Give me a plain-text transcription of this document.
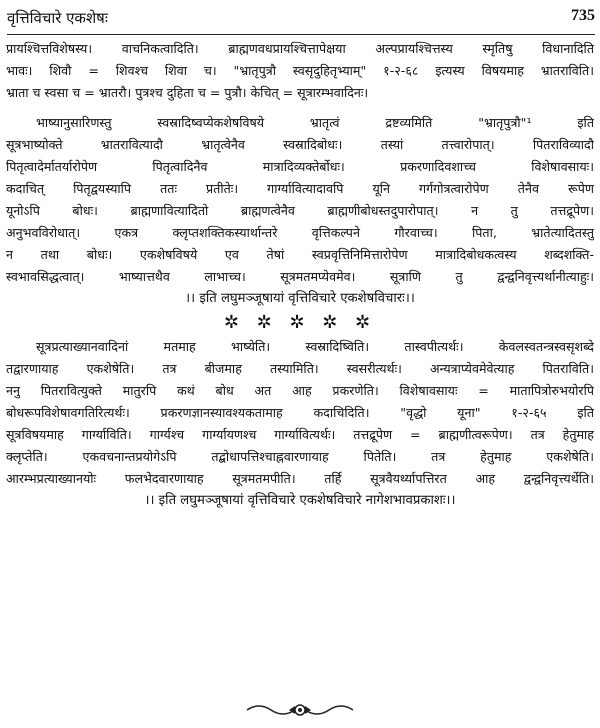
वृत्तिविचारे एकशेषः	735
प्रायश्चित्तविशेषस्य। वाचनिकत्वादिति। ब्राह्मणवधप्रायश्चित्तापेक्षया अल्पप्रायश्चित्तस्य स्मृतिषु विधानादिति
भावः। शिवौ = शिवश्च शिवा च। "भ्रातृपुत्रौ स्वसृदुहितृभ्याम्" १-२-६८ इत्यस्य विषयमाह भ्रातराविति।
भ्राता च स्वसा च = भ्रातरौ। पुत्रश्च दुहिता च = पुत्रौ। केचित् = सूत्रारम्भवादिनः।
भाष्यानुसारिणस्तु स्वस्रादिष्वप्येकशेषविषये भ्रातृत्वं द्रष्टव्यमिति "भ्रातृपुत्रौ"¹ इति
सूत्रभाष्योक्ते भ्रातरावित्यादौ भ्रातृत्वेनैव स्वस्रादिबोधः। तस्यां तत्त्वारोपात्। पितराविव्यादौ
पितृत्वादेर्मातर्यारोपेण पितृत्वादिनैव मात्रादिव्यक्तेर्बोधः। प्रकरणादिवशाच्च विशेषावसायः।
कदाचित् पितृद्वयस्यापि ततः प्रतीतेः। गार्ग्यावित्यादावपि यूनि गर्गगोत्रत्वारोपेण तेनैव रूपेण
यूनोऽपि बोधः। ब्राह्मणावित्यादितो ब्राह्मणत्वेनैव ब्राह्मणीबोधस्तदुपारोपात्। न तु तत्तद्रूपेण।
अनुभवविरोधात्। एकत्र क्लृप्तशक्तिकस्यार्थान्तरे वृत्तिकल्पने गौरवाच्च। पिता, भ्रातेत्यादितस्तु
न तथा बोधः। एकशेषविषये एव तेषां स्वप्रवृत्तिनिमित्तारोपेण मात्रादिबोधकत्वस्य शब्दशक्ति-
स्वभावसिद्धत्वात्। भाष्यात्तथैव लाभाच्च। सूत्रमतमप्येवमेव। सूत्राणि तु द्वन्द्वनिवृत्त्यर्थानीत्याहुः।
।। इति लघुमञ्जूषायां वृत्तिविचारे एकशेषविचारः।।
✲ ✲ ✲ ✲ ✲
सूत्रप्रत्याख्यानवादिनां मतमाह भाष्येति। स्वस्रादिष्विति। तास्वपीत्यर्थः। केवलस्वतन्त्रस्वसृशब्दे
तद्वारणायाह एकशेषेति। तत्र बीजमाह तस्यामिति। स्वसरीत्यर्थः। अन्यत्राप्येवमेवेत्याह पितराविति।
ननु पितरावित्युक्ते मातुरपि कथं बोध अत आह प्रकरणेति। विशेषावसायः = मातापित्रोरुभयोरपि
बोधरूपविशेषावगतिरित्यर्थः। प्रकरणज्ञानस्यावश्यकतामाह कदाचिदिति। "वृद्धो यूना" १-२-६५ इति
सूत्रविषयमाह गार्ग्याविति। गार्ग्यश्च गार्ग्यायणश्च गार्ग्यावित्यर्थः। तत्तद्रूपेण = ब्राह्मणीत्वरूपेण। तत्र हेतुमाह
क्लृप्तेति। एकवचनान्तप्रयोगेऽपि तद्बोधापत्तिश्चाह्नवारणायाह पितेति। तत्र हेतुमाह एकशेषेति।
आरम्भप्रत्याख्यानयोः फलभेदवारणायाह सूत्रमतमपीति। तर्हि सूत्रवैयर्थ्यापत्तिरत आह द्वन्द्वनिवृत्त्यर्थेति।
।। इति लघुमञ्जूषायां वृत्तिविचारे एकशेषविचारे नागेशभावप्रकाशः।।
